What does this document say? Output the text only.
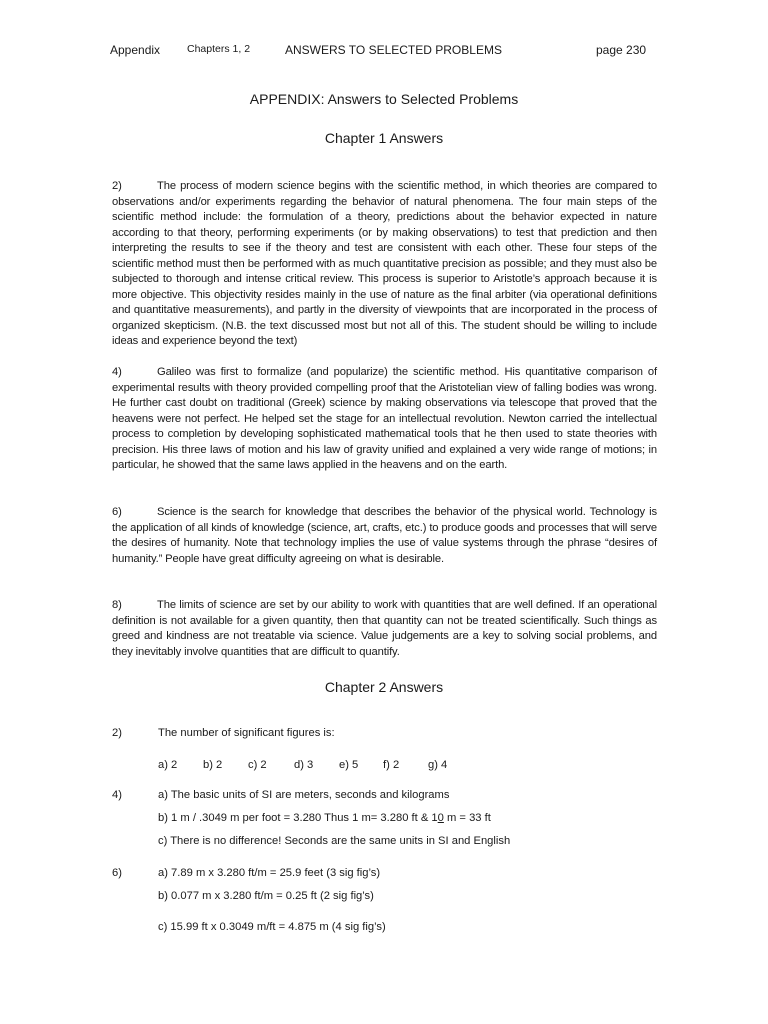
Appendix	Chapters 1, 2	ANSWERS TO SELECTED PROBLEMS	page 230
APPENDIX: Answers to Selected Problems
Chapter 1 Answers
2)	The process of modern science begins with the scientific method, in which theories are compared to observations and/or experiments regarding the behavior of natural phenomena. The four main steps of the scientific method include: the formulation of a theory, predictions about the behavior expected in nature according to that theory, performing experiments (or by making observations) to test that prediction and then interpreting the results to see if the theory and test are consistent with each other. These four steps of the scientific method must then be performed with as much quantitative precision as possible; and they must also be subjected to thorough and intense critical review. This process is superior to Aristotle’s approach because it is more objective. This objectivity resides mainly in the use of nature as the final arbiter (via operational definitions and quantitative measurements), and partly in the diversity of viewpoints that are incorporated in the process of organized skepticism. (N.B. the text discussed most but not all of this. The student should be willing to include ideas and experience beyond the text)
4)	Galileo was first to formalize (and popularize) the scientific method. His quantitative comparison of experimental results with theory provided compelling proof that the Aristotelian view of falling bodies was wrong. He further cast doubt on traditional (Greek) science by making observations via telescope that proved that the heavens were not perfect. He helped set the stage for an intellectual revolution. Newton carried the intellectual process to completion by developing sophisticated mathematical tools that he then used to state theories with precision. His three laws of motion and his law of gravity unified and explained a very wide range of motions; in particular, he showed that the same laws applied in the heavens and on the earth.
6)	Science is the search for knowledge that describes the behavior of the physical world. Technology is the application of all kinds of knowledge (science, art, crafts, etc.) to produce goods and processes that will serve the desires of humanity. Note that technology implies the use of value systems through the phrase “desires of humanity.” People have great difficulty agreeing on what is desirable.
8)	The limits of science are set by our ability to work with quantities that are well defined. If an operational definition is not available for a given quantity, then that quantity can not be treated scientifically. Such things as greed and kindness are not treatable via science. Value judgements are a key to solving social problems, and they inevitably involve quantities that are difficult to quantify.
Chapter 2 Answers
2)	The number of significant figures is:
a) 2 b) 2 c) 2 d) 3 e) 5 f) 2	g) 4
4)	a) The basic units of SI are meters, seconds and kilograms
b) 1 m / .3049 m per foot = 3.280 Thus 1 m= 3.280 ft & 10 m = 33 ft
c) There is no difference! Seconds are the same units in SI and English
6)	a) 7.89 m x 3.280 ft/m = 25.9 feet (3 sig fig’s)
b) 0.077 m x 3.280 ft/m = 0.25 ft (2 sig fig’s)
c) 15.99 ft x 0.3049 m/ft = 4.875 m (4 sig fig’s)
